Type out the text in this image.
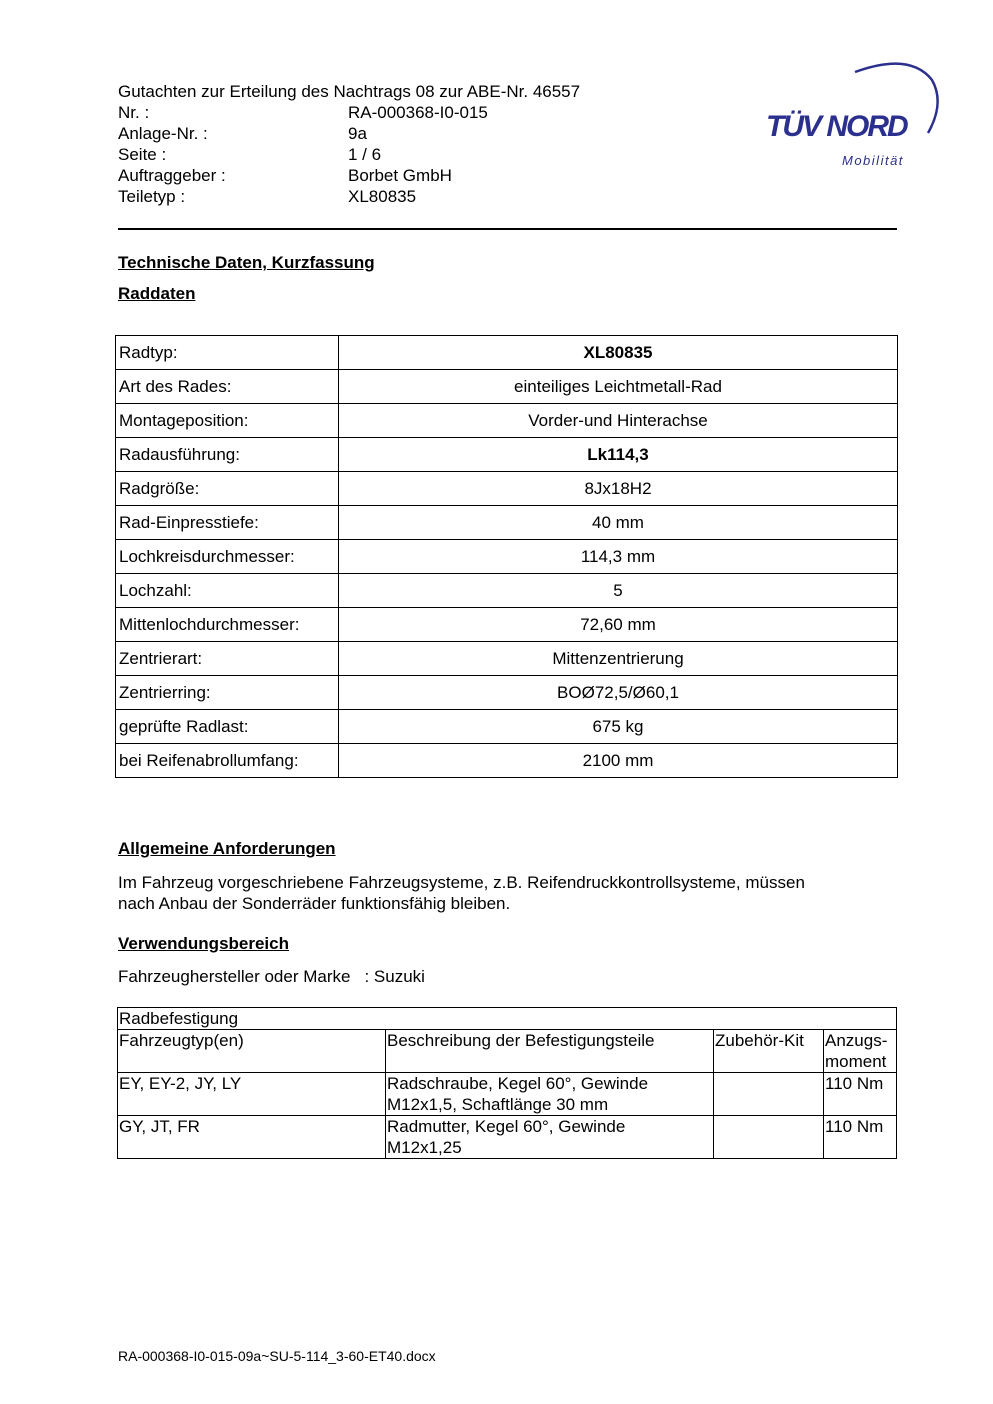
Gutachten zur Erteilung des Nachtrags 08 zur ABE-Nr. 46557
Nr. :	RA-000368-I0-015
Anlage-Nr. :	9a
Seite :	1 / 6
Auftraggeber :	Borbet GmbH
Teiletyp :	XL80835
TÜV NORD
Mobilität
Technische Daten, Kurzfassung
Raddaten
Radtyp:	XL80835
Art des Rades:	einteiliges Leichtmetall-Rad
Montageposition:	Vorder-und Hinterachse
Radausführung:	Lk114,3
Radgröße:	8Jx18H2
Rad-Einpresstiefe:	40 mm
Lochkreisdurchmesser:	114,3 mm
Lochzahl:	5
Mittenlochdurchmesser:	72,60 mm
Zentrierart:	Mittenzentrierung
Zentrierring:	BOØ72,5/Ø60,1
geprüfte Radlast:	675 kg
bei Reifenabrollumfang:	2100 mm
Allgemeine Anforderungen
Im Fahrzeug vorgeschriebene Fahrzeugsysteme, z.B. Reifendruckkontrollsysteme, müssen
nach Anbau der Sonderräder funktionsfähig bleiben.
Verwendungsbereich
Fahrzeughersteller oder Marke : Suzuki
Radbefestigung			
Fahrzeugtyp(en)	Beschreibung der Befestigungsteile	Zubehör-Kit	Anzugs-
moment

EY, EY-2, JY, LY	Radschraube, Kegel 60°, Gewinde
M12x1,5, Schaftlänge 30 mm		110 Nm
GY, JT, FR	Radmutter, Kegel 60°, Gewinde
M12x1,25		110 Nm
RA-000368-I0-015-09a~SU-5-114_3-60-ET40.docx
